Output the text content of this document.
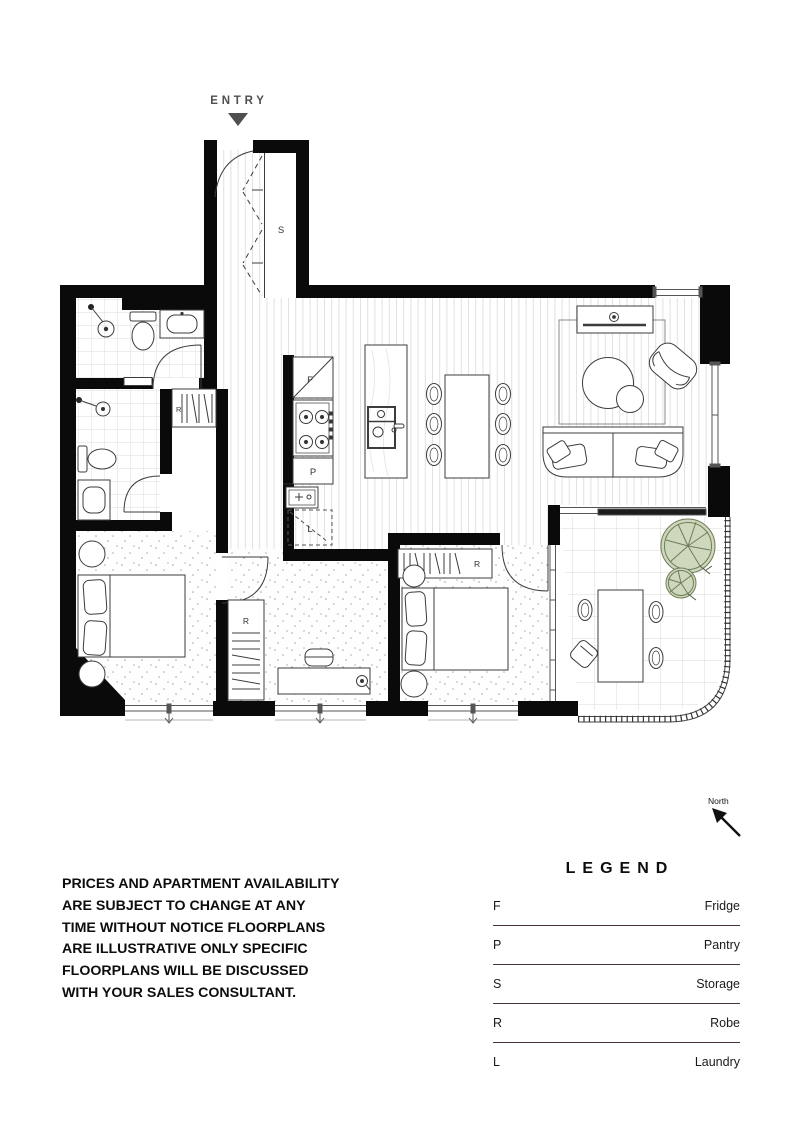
ENTRY
S
R
R
R
F
P
L
North
PRICES AND APARTMENT AVAILABILITY
ARE SUBJECT TO CHANGE AT ANY
TIME WITHOUT NOTICE FLOORPLANS
ARE ILLUSTRATIVE ONLY SPECIFIC
FLOORPLANS WILL BE DISCUSSED
WITH YOUR SALES CONSULTANT.
LEGEND
F	Fridge
P	Pantry
S	Storage
R	Robe
L	Laundry
